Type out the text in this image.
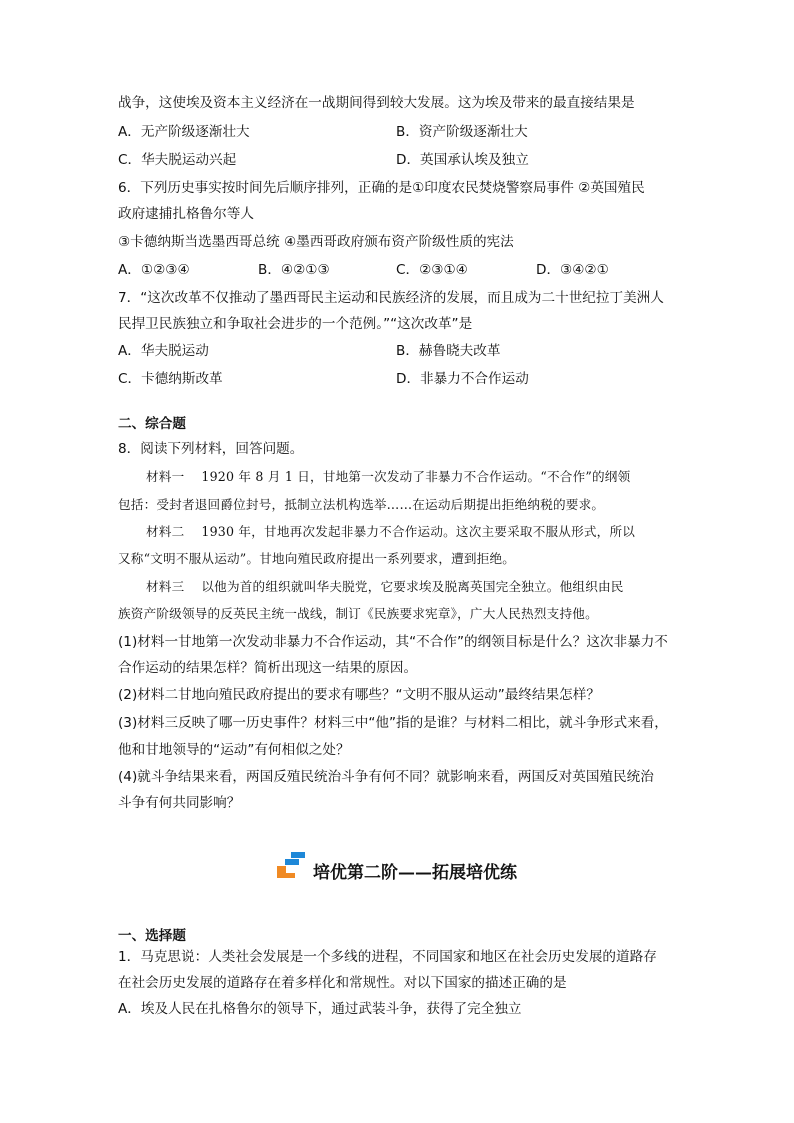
战争，这使埃及资本主义经济在一战期间得到较大发展。这为埃及带来的最直接结果是
A．无产阶级逐渐壮大	B．资产阶级逐渐壮大
C．华夫脱运动兴起	D．英国承认埃及独立
6．下列历史事实按时间先后顺序排列，正确的是①印度农民焚烧警察局事件 ②英国殖民
政府逮捕扎格鲁尔等人
③卡德纳斯当选墨西哥总统 ④墨西哥政府颁布资产阶级性质的宪法
A．①②③④	B．④②①③	C．②③①④	D．③④②①
7．“这次改革不仅推动了墨西哥民主运动和民族经济的发展，而且成为二十世纪拉丁美洲人
民捍卫民族独立和争取社会进步的一个范例。”“这次改革”是
A．华夫脱运动	B．赫鲁晓夫改革
C．卡德纳斯改革	D．非暴力不合作运动
二、综合题
8．阅读下列材料，回答问题。
材料一　 1920 年 8 月 1 日，甘地第一次发动了非暴力不合作运动。“不合作”的纲领
包括：受封者退回爵位封号，抵制立法机构选举……在运动后期提出拒绝纳税的要求。
材料二　 1930 年，甘地再次发起非暴力不合作运动。这次主要采取不服从形式，所以
又称“文明不服从运动”。甘地向殖民政府提出一系列要求，遭到拒绝。
材料三　 以他为首的组织就叫华夫脱党，它要求埃及脱离英国完全独立。他组织由民
族资产阶级领导的反英民主统一战线，制订《民族要求宪章》，广大人民热烈支持他。
(1)材料一甘地第一次发动非暴力不合作运动，其“不合作”的纲领目标是什么？这次非暴力不
合作运动的结果怎样？简析出现这一结果的原因。
(2)材料二甘地向殖民政府提出的要求有哪些？“文明不服从运动”最终结果怎样？
(3)材料三反映了哪一历史事件？材料三中“他”指的是谁？与材料二相比，就斗争形式来看，
他和甘地领导的“运动”有何相似之处？
(4)就斗争结果来看，两国反殖民统治斗争有何不同？就影响来看，两国反对英国殖民统治
斗争有何共同影响？
培优第二阶——拓展培优练
一、选择题
1．马克思说：人类社会发展是一个多线的进程，不同国家和地区在社会历史发展的道路存
在社会历史发展的道路存在着多样化和常规性。对以下国家的描述正确的是
A．埃及人民在扎格鲁尔的领导下，通过武装斗争，获得了完全独立
